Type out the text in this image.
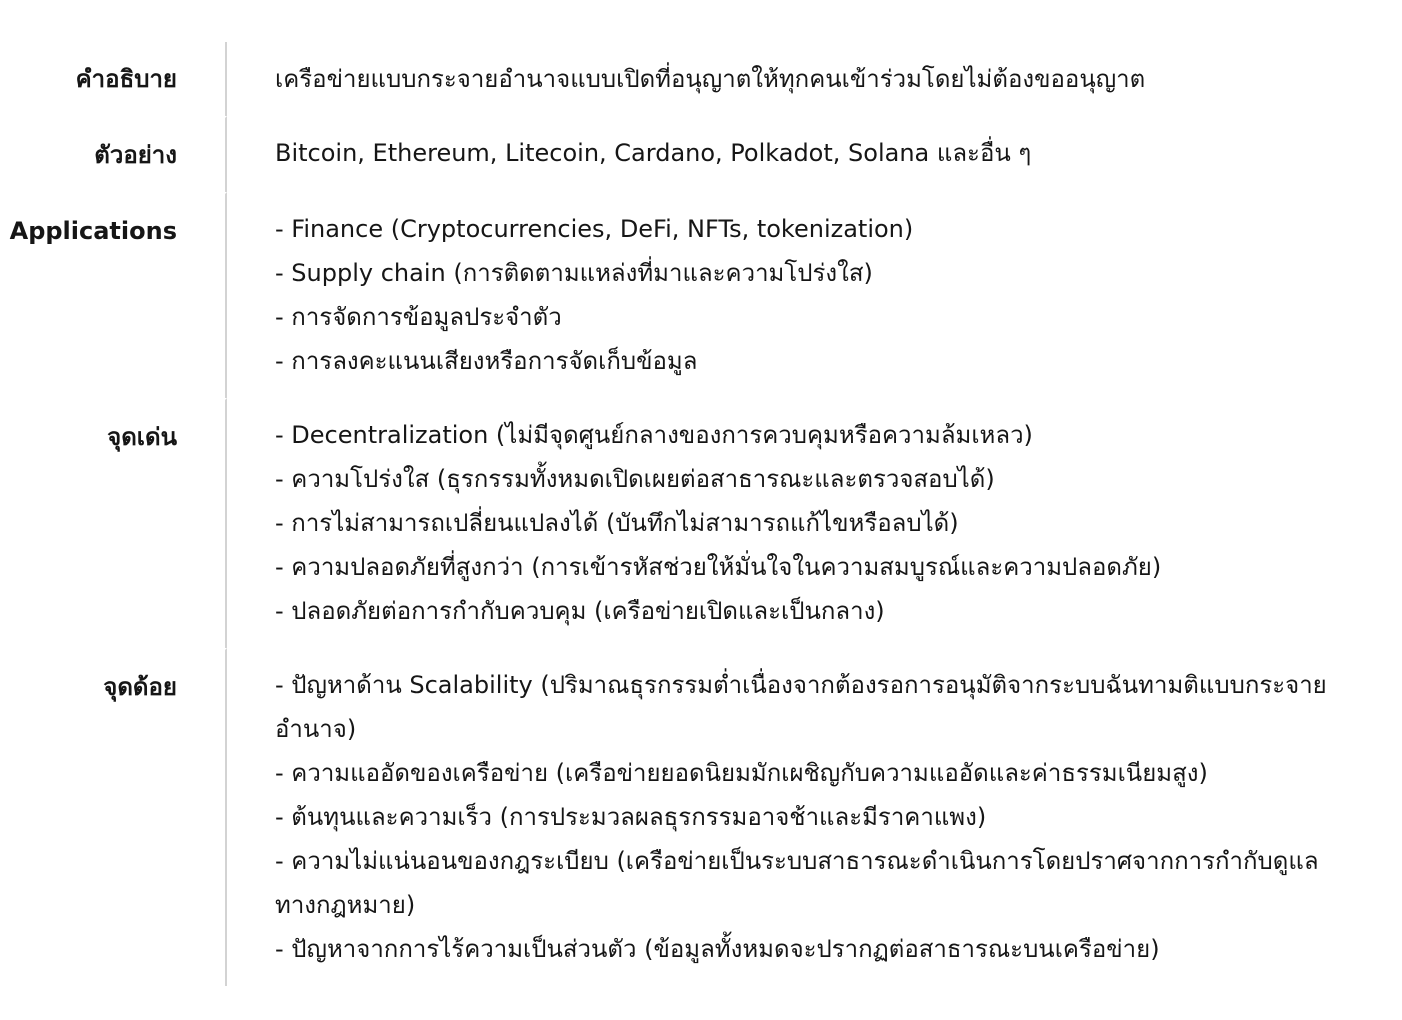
คำอธิบาย	เครือข่ายแบบกระจายอำนาจแบบเปิดที่อนุญาตให้ทุกคนเข้าร่วมโดยไม่ต้องขออนุญาต
ตัวอย่าง	Bitcoin, Ethereum, Litecoin, Cardano, Polkadot, Solana และอื่น ๆ
Applications	- Finance (Cryptocurrencies, DeFi, NFTs, tokenization)
- Supply chain (การติดตามแหล่งที่มาและความโปร่งใส)
- การจัดการข้อมูลประจำตัว
- การลงคะแนนเสียงหรือการจัดเก็บข้อมูล
จุดเด่น	- Decentralization (ไม่มีจุดศูนย์กลางของการควบคุมหรือความล้มเหลว)
- ความโปร่งใส (ธุรกรรมทั้งหมดเปิดเผยต่อสาธารณะและตรวจสอบได้)
- การไม่สามารถเปลี่ยนแปลงได้ (บันทึกไม่สามารถแก้ไขหรือลบได้)
- ความปลอดภัยที่สูงกว่า (การเข้ารหัสช่วยให้มั่นใจในความสมบูรณ์และความปลอดภัย)
- ปลอดภัยต่อการกำกับควบคุม (เครือข่ายเปิดและเป็นกลาง)
จุดด้อย	- ปัญหาด้าน Scalability (ปริมาณธุรกรรมต่ำเนื่องจากต้องรอการอนุมัติจากระบบฉันทามติแบบกระจายอำนาจ)
- ความแออัดของเครือข่าย (เครือข่ายยอดนิยมมักเผชิญกับความแออัดและค่าธรรมเนียมสูง)
- ต้นทุนและความเร็ว (การประมวลผลธุรกรรมอาจช้าและมีราคาแพง)
- ความไม่แน่นอนของกฎระเบียบ (เครือข่ายเป็นระบบสาธารณะดำเนินการโดยปราศจากการกำกับดูแลทางกฎหมาย)
- ปัญหาจากการไร้ความเป็นส่วนตัว (ข้อมูลทั้งหมดจะปรากฏต่อสาธารณะบนเครือข่าย)
